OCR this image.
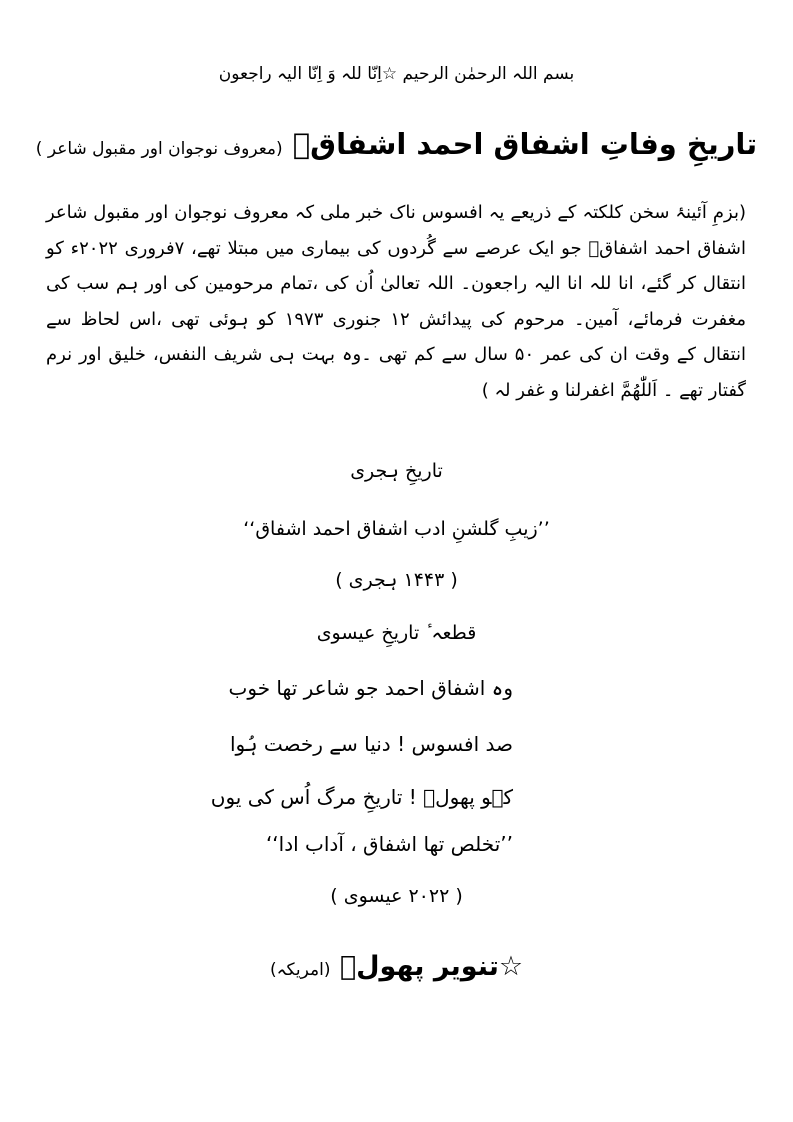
بسم اللہ الرحمٰن الرحیم ☆اِنّا للہ وَ اِنّا الیہ راجعون
تاریخِ وفاتِ اشفاق احمد اشفاقؔ (معروف نوجوان اور مقبول شاعر )
(بزمِ آئینۂ سخن کلکتہ کے ذریعے یہ افسوس ناک خبر ملی کہ معروف نوجوان اور مقبول شاعر اشفاق احمد اشفاقؔ جو ایک عرصے سے گُردوں کی بیماری میں مبتلا تھے، ۷فروری ۲۰۲۲ء کو انتقال کر گئے، انا للہ انا الیہ راجعون۔ اللہ تعالیٰ اُن کی ،تمام مرحومین کی اور ہم سب کی مغفرت فرمائے، آمین۔ مرحوم کی پیدائش ۱۲ جنوری ۱۹۷۳ کو ہوئی تھی ،اس لحاظ سے انتقال کے وقت ان کی عمر ۵۰ سال سے کم تھی ۔وہ بہت ہی شریف النفس، خلیق اور نرم گفتار تھے ۔ اَللّٰھُمَّ اغفرلنا و غفر لہ )
تاریخِ ہجری
’’زیبِ گلشنِ ادب اشفاق احمد اشفاق‘‘
( ۱۴۴۳ ہجری )
قطعہ ٔ تاریخِ عیسوی
وہ اشفاق احمد جو شاعر تھا خوب
صد افسوس ! دنیا سے رخصت ہُوا
کہو پھولؔ ! تاریخِ مرگ اُس کی یوں
’’تخلص تھا اشفاق ، آداب ادا‘‘
( ۲۰۲۲ عیسوی )
☆تنویر پھولؔ (امریکہ)
